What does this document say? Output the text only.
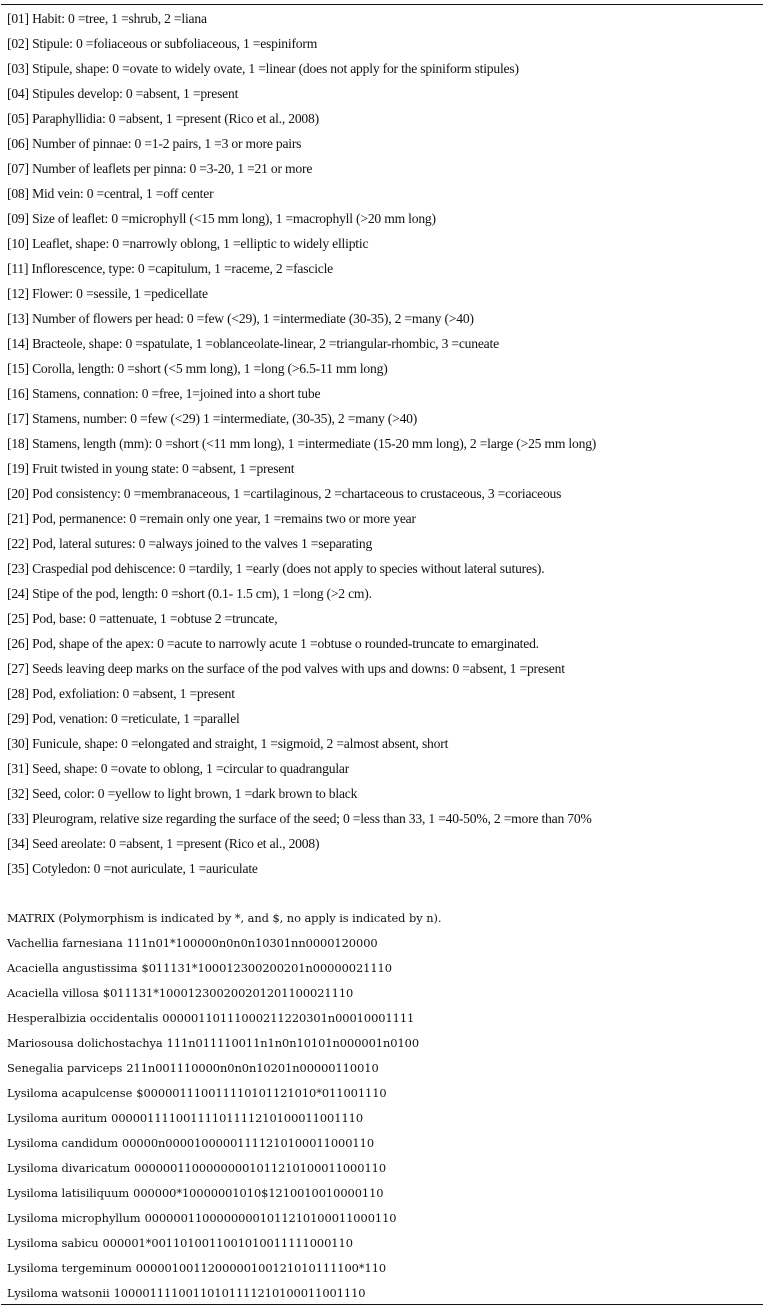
[01] Habit: 0 =tree, 1 =shrub, 2 =liana
[02] Stipule: 0 =foliaceous or subfoliaceous, 1 =espiniform
[03] Stipule, shape: 0 =ovate to widely ovate, 1 =linear (does not apply for the spiniform stipules)
[04] Stipules develop: 0 =absent, 1 =present
[05] Paraphyllidia: 0 =absent, 1 =present (Rico et al., 2008)
[06] Number of pinnae: 0 =1-2 pairs, 1 =3 or more pairs
[07] Number of leaflets per pinna: 0 =3-20, 1 =21 or more
[08] Mid vein: 0 =central, 1 =off center
[09] Size of leaflet: 0 =microphyll (<15 mm long), 1 =macrophyll (>20 mm long)
[10] Leaflet, shape: 0 =narrowly oblong, 1 =elliptic to widely elliptic
[11] Inflorescence, type: 0 =capitulum, 1 =raceme, 2 =fascicle
[12] Flower: 0 =sessile, 1 =pedicellate
[13] Number of flowers per head: 0 =few (<29), 1 =intermediate (30-35), 2 =many (>40)
[14] Bracteole, shape: 0 =spatulate, 1 =oblanceolate-linear, 2 =triangular-rhombic, 3 =cuneate
[15] Corolla, length: 0 =short (<5 mm long), 1 =long (>6.5-11 mm long)
[16] Stamens, connation: 0 =free, 1=joined into a short tube
[17] Stamens, number: 0 =few (<29) 1 =intermediate, (30-35), 2 =many (>40)
[18] Stamens, length (mm): 0 =short (<11 mm long), 1 =intermediate (15-20 mm long), 2 =large (>25 mm long)
[19] Fruit twisted in young state: 0 =absent, 1 =present
[20] Pod consistency: 0 =membranaceous, 1 =cartilaginous, 2 =chartaceous to crustaceous, 3 =coriaceous
[21] Pod, permanence: 0 =remain only one year, 1 =remains two or more year
[22] Pod, lateral sutures: 0 =always joined to the valves 1 =separating
[23] Craspedial pod dehiscence: 0 =tardily, 1 =early (does not apply to species without lateral sutures).
[24] Stipe of the pod, length: 0 =short (0.1- 1.5 cm), 1 =long (>2 cm).
[25] Pod, base: 0 =attenuate, 1 =obtuse 2 =truncate,
[26] Pod, shape of the apex: 0 =acute to narrowly acute 1 =obtuse o rounded-truncate to emarginated.
[27] Seeds leaving deep marks on the surface of the pod valves with ups and downs: 0 =absent, 1 =present
[28] Pod, exfoliation: 0 =absent, 1 =present
[29] Pod, venation: 0 =reticulate, 1 =parallel
[30] Funicule, shape: 0 =elongated and straight, 1 =sigmoid, 2 =almost absent, short
[31] Seed, shape: 0 =ovate to oblong, 1 =circular to quadrangular
[32] Seed, color: 0 =yellow to light brown, 1 =dark brown to black
[33] Pleurogram, relative size regarding the surface of the seed; 0 =less than 33, 1 =40-50%, 2 =more than 70%
[34] Seed areolate: 0 =absent, 1 =present (Rico et al., 2008)
[35] Cotyledon: 0 =not auriculate, 1 =auriculate
MATRIX (Polymorphism is indicated by *, and $, no apply is indicated by n).
Vachellia farnesiana 111n01*100000n0n0n10301nn0000120000
Acaciella angustissima $011131*100012300200201n00000021110
Acaciella villosa $011131*100012300200201201100021110
Hesperalbizia occidentalis 00000110111000211220301n00010001111
Mariosousa dolichostachya 111n011110011n1n0n10101n000001n0100
Senegalia parviceps 211n001110000n0n0n10201n00000110010
Lysiloma acapulcense $000001110011110101121010*011001110
Lysiloma auritum 00000111100111101111210100011001110
Lysiloma candidum 00000n00001000001111210100011000110
Lysiloma divaricatum 00000011000000001011210100011000110
Lysiloma latisiliquum 000000*10000001010$1210010010000110
Lysiloma microphyllum 00000011000000001011210100011000110
Lysiloma sabicu 000001*0011010011001010011111000110
Lysiloma tergeminum 0000010011200000100121010111100*110
Lysiloma watsonii 10000111100110101111210100011001110
